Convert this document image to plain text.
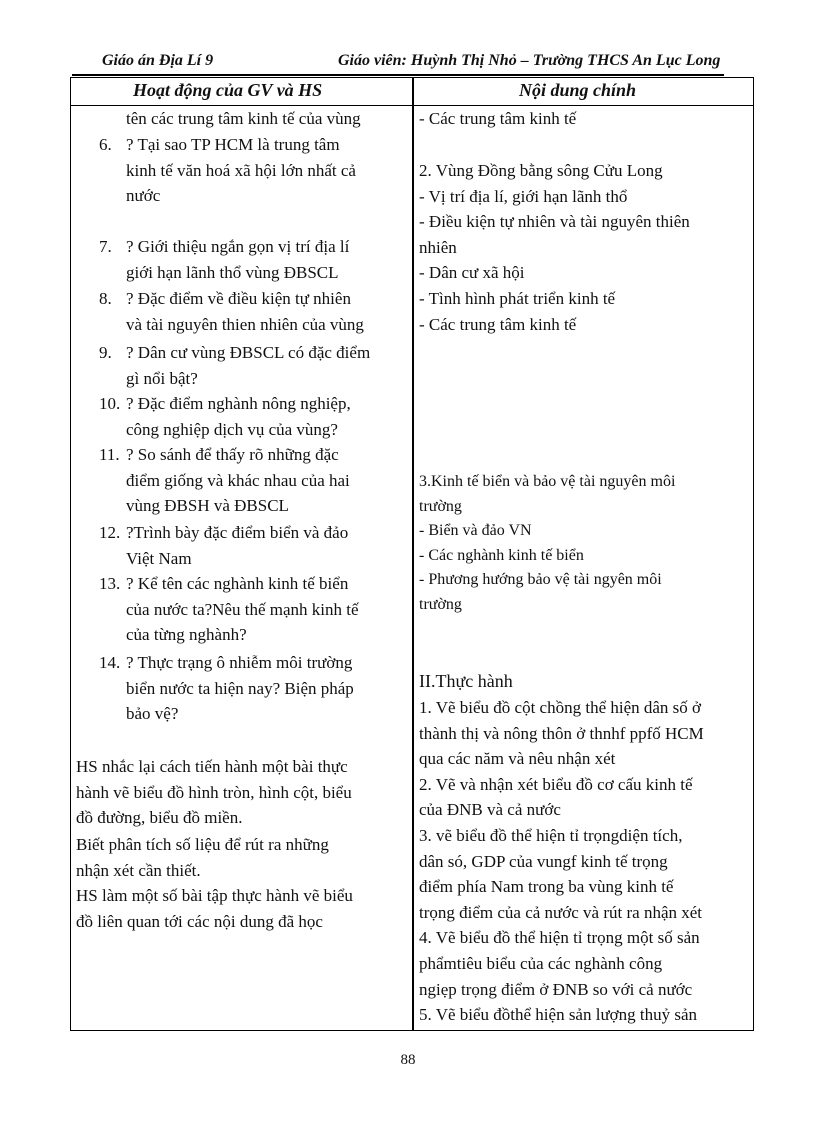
Giáo án Địa Lí 9	Giáo viên: Huỳnh Thị Nhỏ – Trường THCS An Lục Long
Hoạt động của GV và HS	Nội dung chính
tên các trung tâm kinh tế của vùng
6. ? Tại sao TP HCM là trung tâm
kinh tế văn hoá xã hội lớn nhất cả
nước
7. ? Giới thiệu ngắn gọn vị trí địa lí
giới hạn lãnh thổ vùng ĐBSCL
8. ? Đặc điểm về điều kiện tự nhiên
và tài nguyên thien nhiên của vùng
9. ? Dân cư vùng ĐBSCL có đặc điểm
gì nổi bật?
10. ? Đặc điểm nghành nông nghiệp,
công nghiệp dịch vụ của vùng?
11. ? So sánh để thấy rõ những đặc
điểm giống và khác nhau của hai
vùng ĐBSH và ĐBSCL
12. ?Trình bày đặc điểm biển và đảo
Việt Nam
13. ? Kể tên các nghành kinh tế biển
của nước ta?Nêu thế mạnh kinh tế
của từng nghành?
14. ? Thực trạng ô nhiễm môi trường
biển nước ta hiện nay? Biện pháp
bảo vệ?
HS nhắc lại cách tiến hành một bài thực
hành vẽ biểu đồ hình tròn, hình cột, biểu
đồ đường, biểu đồ miền.
Biết phân tích số liệu để rút ra những
nhận xét cần thiết.
HS làm một số bài tập thực hành vẽ biểu
đồ liên quan tới các nội dung đã học
- Các trung tâm kinh tế
2. Vùng Đồng bằng sông Cửu Long
- Vị trí địa lí, giới hạn lãnh thổ
- Điều kiện tự nhiên và tài nguyên thiên
nhiên
- Dân cư xã hội
- Tình hình phát triển kinh tế
- Các trung tâm kinh tế
3.Kinh tế biển và bảo vệ tài nguyên môi
trường
- Biển và đảo VN
- Các nghành kinh tế biển
- Phương hướng bảo vệ tài ngyên môi
trường
II.Thực hành
1. Vẽ biểu đồ cột chồng thể hiện dân số ở
thành thị và nông thôn ở thnhf ppfố HCM
qua các năm và nêu nhận xét
2. Vẽ và nhận xét biểu đồ cơ cấu kinh tế
của ĐNB và cả nước
3. vẽ biểu đồ thể hiện tỉ trọngdiện tích,
dân só, GDP của vungf kinh tế trọng
điểm phía Nam trong ba vùng kinh tế
trọng điểm của cả nước và rút ra nhận xét
4. Vẽ biểu đồ thể hiện tỉ trọng một số sản
phẩmtiêu biểu của các nghành công
ngiẹp trọng điểm ở ĐNB so với cả nước
5. Vẽ biểu đồthể hiện sản lượng thuỷ sản
88
